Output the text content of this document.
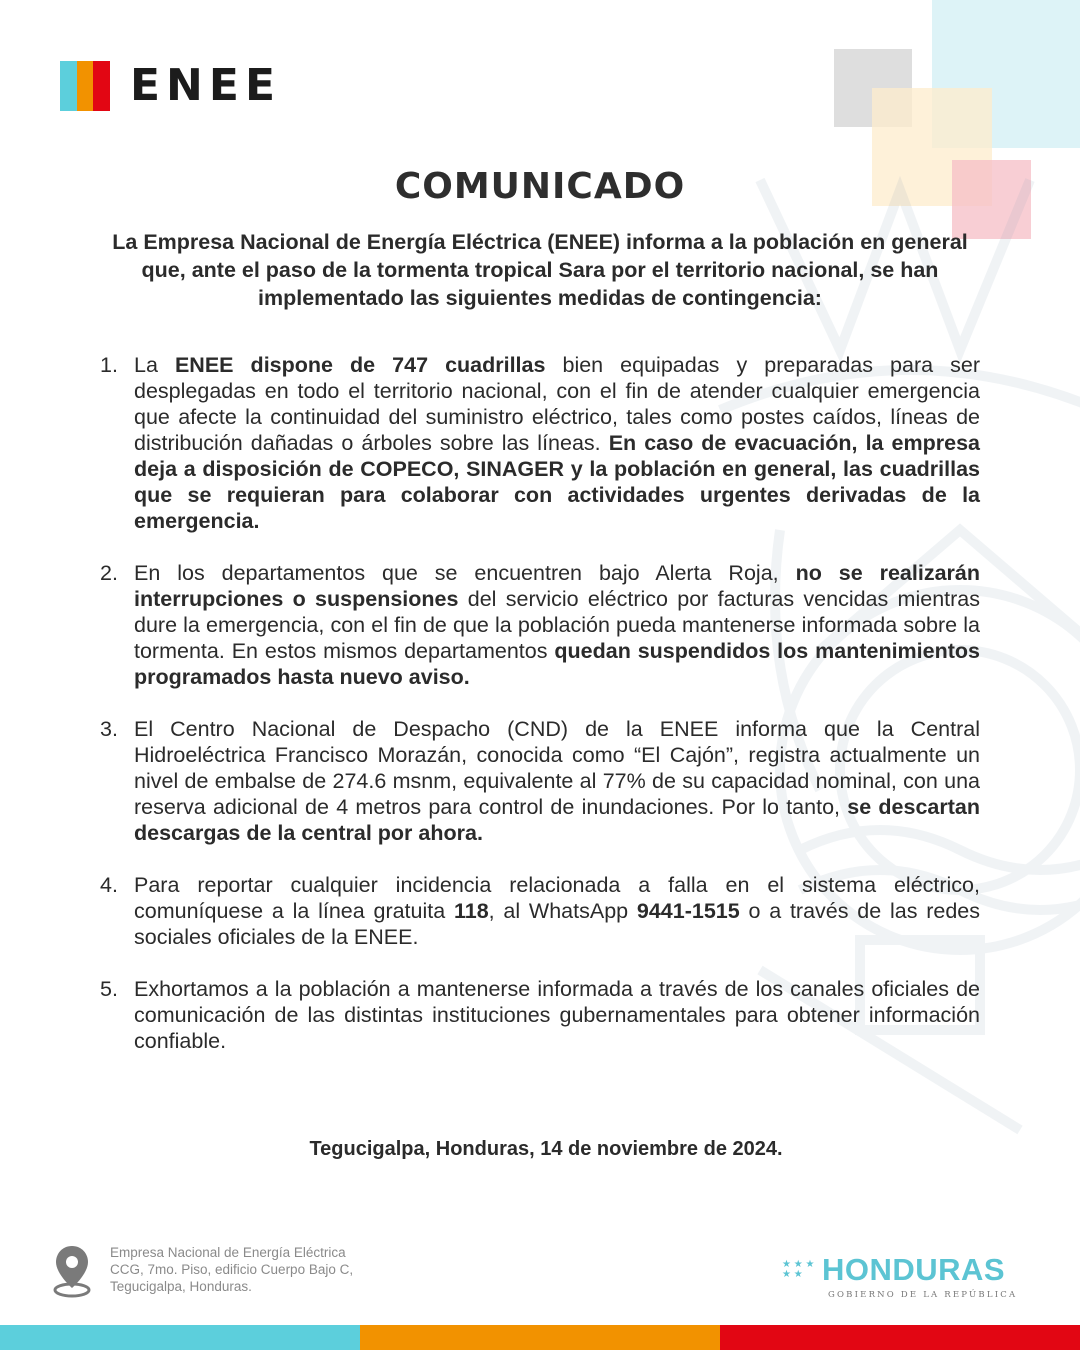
ENEE
COMUNICADO
La Empresa Nacional de Energía Eléctrica (ENEE) informa a la población en general que, ante el paso de la tormenta tropical Sara por el territorio nacional, se han implementado las siguientes medidas de contingencia:
1. La ENEE dispone de 747 cuadrillas bien equipadas y preparadas para ser desplegadas en todo el territorio nacional, con el fin de atender cualquier emergencia que afecte la continuidad del suministro eléctrico, tales como postes caídos, líneas de distribución dañadas o árboles sobre las líneas. En caso de evacuación, la empresa deja a disposición de COPECO, SINAGER y la población en general, las cuadrillas que se requieran para colaborar con actividades urgentes derivadas de la emergencia.
2. En los departamentos que se encuentren bajo Alerta Roja, no se realizarán interrupciones o suspensiones del servicio eléctrico por facturas vencidas mientras dure la emergencia, con el fin de que la población pueda mantenerse informada sobre la tormenta. En estos mismos departamentos quedan suspendidos los mantenimientos programados hasta nuevo aviso.
3. El Centro Nacional de Despacho (CND) de la ENEE informa que la Central Hidroeléctrica Francisco Morazán, conocida como “El Cajón”, registra actualmente un nivel de embalse de 274.6 msnm, equivalente al 77% de su capacidad nominal, con una reserva adicional de 4 metros para control de inundaciones. Por lo tanto, se descartan descargas de la central por ahora.
4. Para reportar cualquier incidencia relacionada a falla en el sistema eléctrico, comuníquese a la línea gratuita 118, al WhatsApp 9441-1515 o a través de las redes sociales oficiales de la ENEE.
5. Exhortamos a la población a mantenerse informada a través de los canales oficiales de comunicación de las distintas instituciones gubernamentales para obtener información confiable.
Tegucigalpa, Honduras, 14 de noviembre de 2024.
Empresa Nacional de Energía Eléctrica
CCG, 7mo. Piso, edificio Cuerpo Bajo C,
Tegucigalpa, Honduras.
★ ★ ★
★ ★ HONDURAS
GOBIERNO DE LA REPÚBLICA
